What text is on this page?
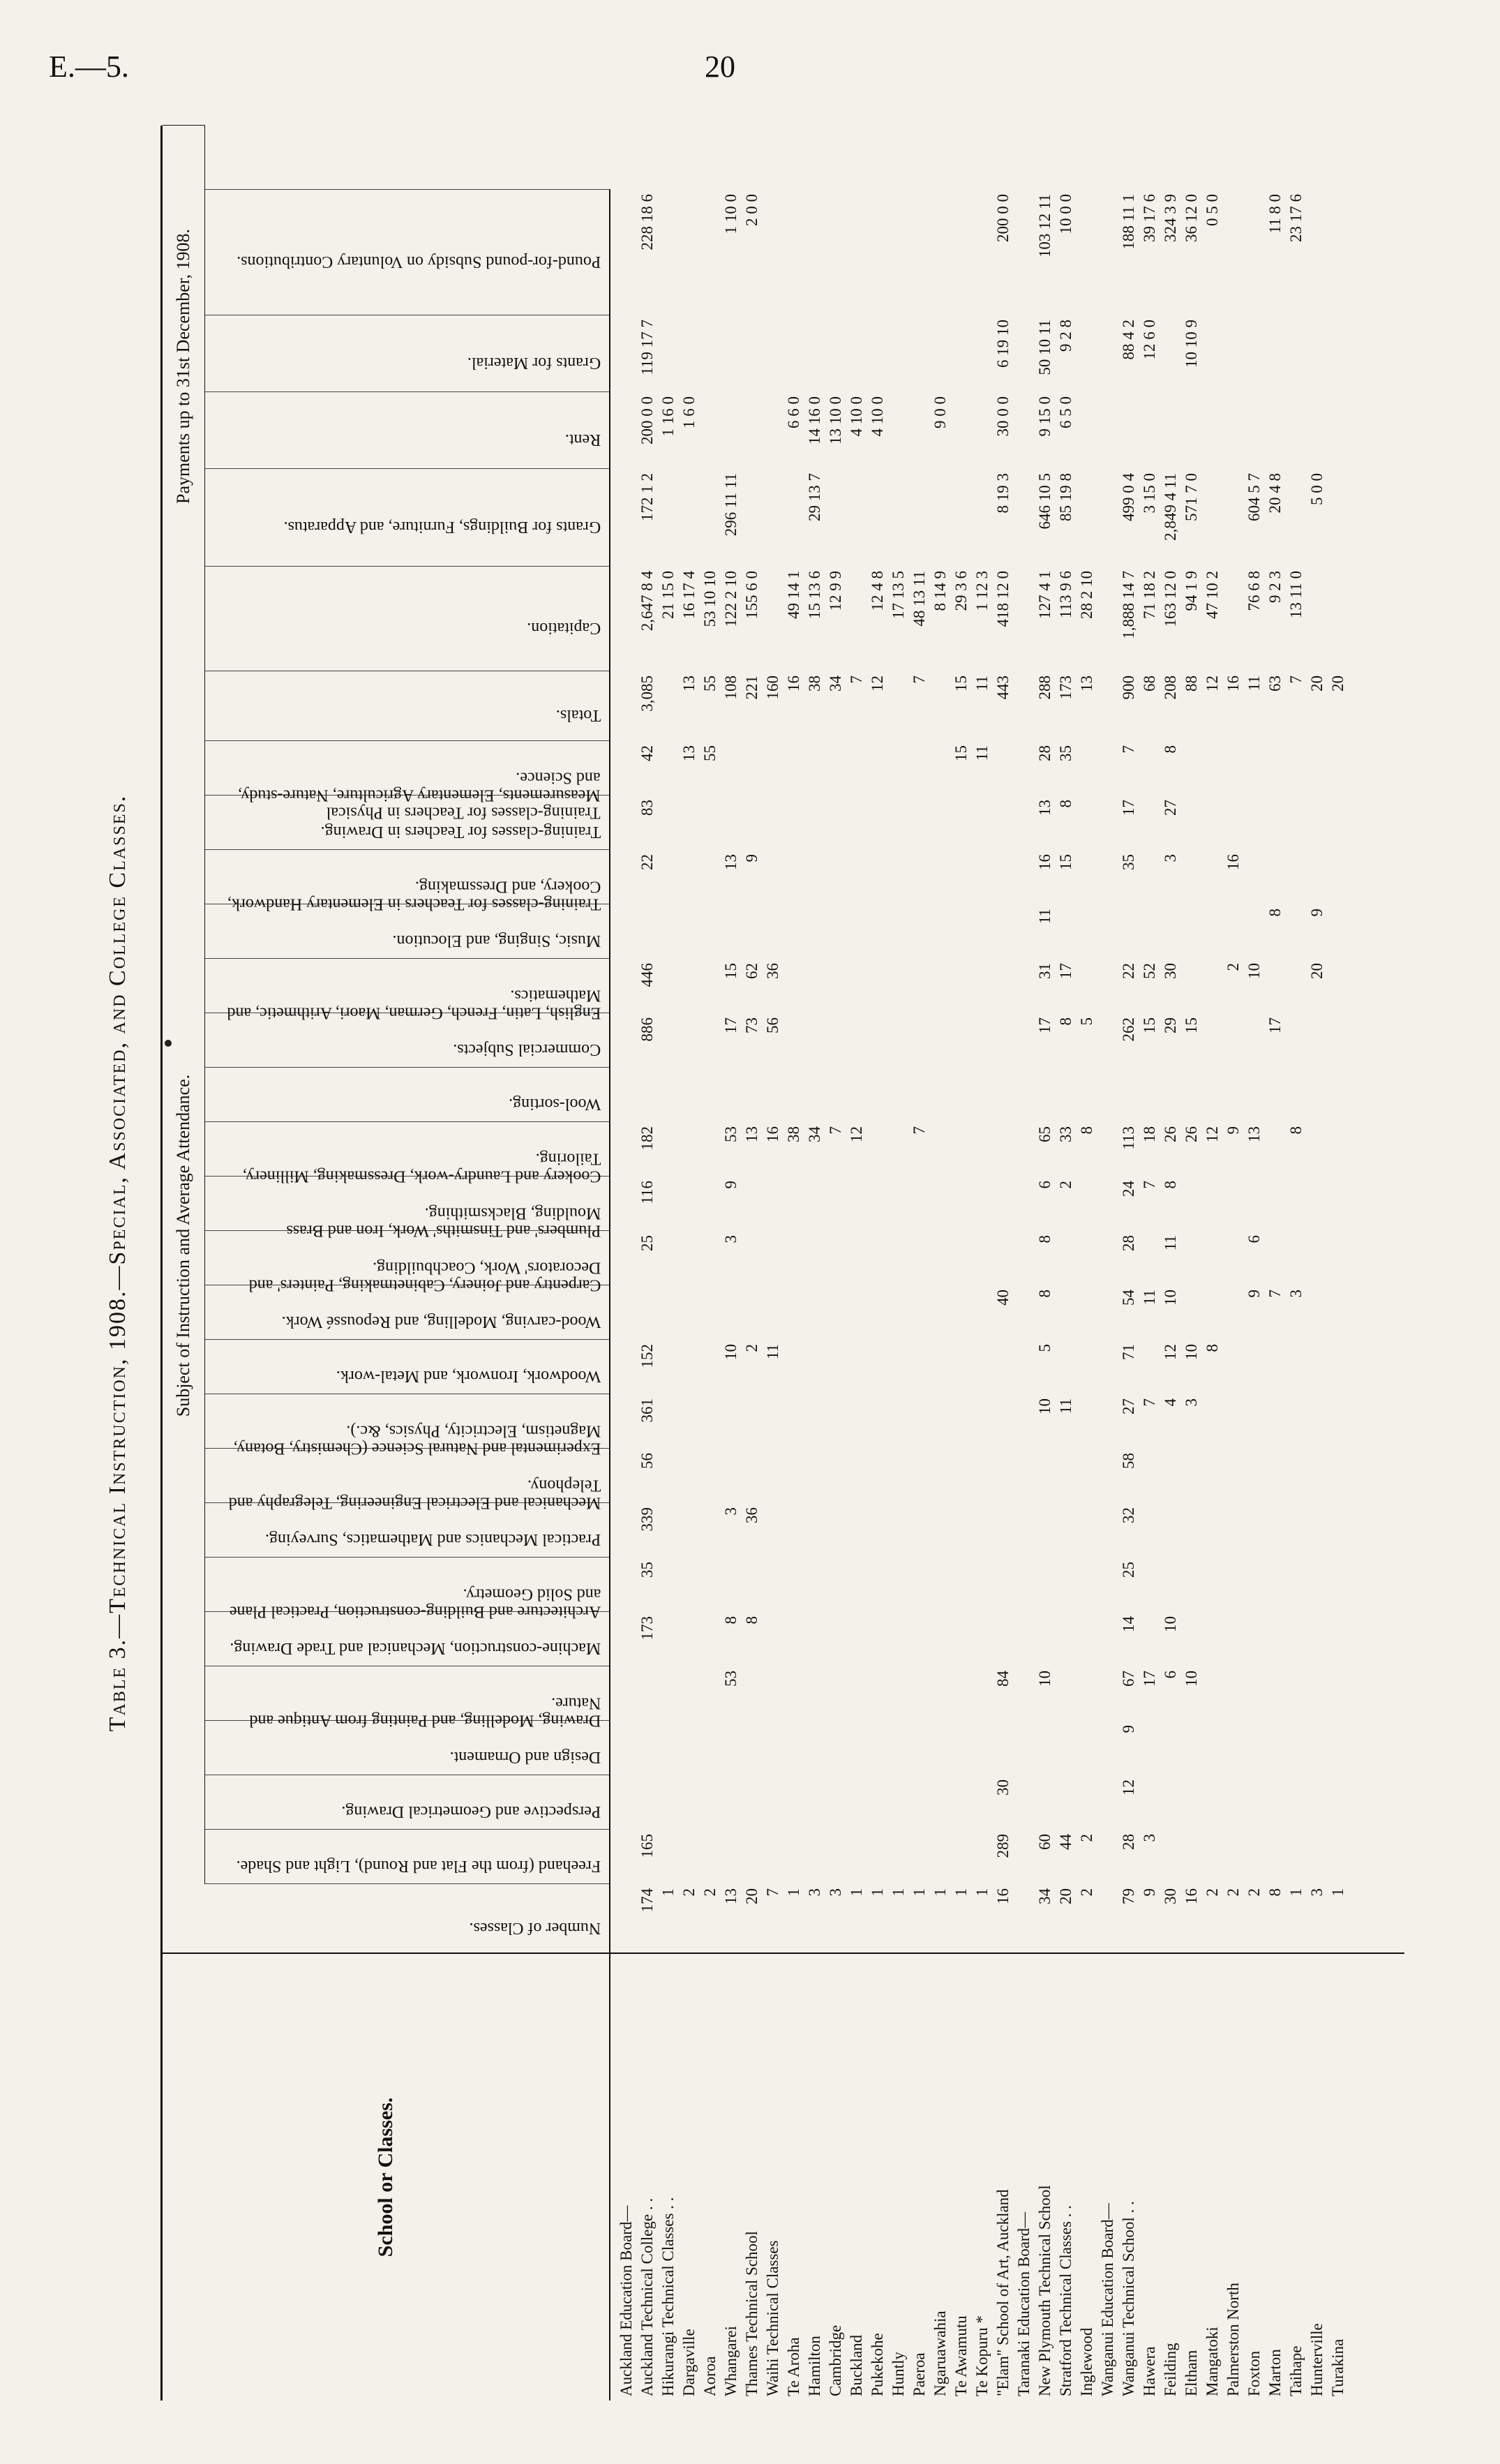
E.—5.	20
Table 3.—Technical Instruction, 1908.—Special, Associated, and College Classes.
School or Classes.
Subject of Instruction and Average Attendance.
Payments up to 31st December, 1908.
Number of Classes.
Freehand (from the Flat and Round), Light and Shade.
Perspective and Geometrical Drawing.
Design and Ornament.
Drawing, Modelling, and Painting from Antique and Nature.
Machine-construction, Mechanical and Trade Drawing.
Architecture and Building-construction, Practical Plane and Solid Geometry.
Practical Mechanics and Mathematics, Surveying.
Mechanical and Electrical Engineering, Telegraphy and Telephony.
Experimental and Natural Science (Chemistry, Botany, Magnetism, Electricity, Physics, &c.).
Woodwork, Ironwork, and Metal-work.
Wood-carving, Modelling, and Repoussé Work.
Carpentry and Joinery, Cabinetmaking, Painters' and Decorators' Work, Coachbuilding.
Plumbers' and Tinsmiths' Work, Iron and Brass Moulding, Blacksmithing.
Cookery and Laundry-work, Dressmaking, Millinery, Tailoring.
Wool-sorting.
Commercial Subjects.
English, Latin, French, German, Maori, Arithmetic, and Mathematics.
Music, Singing, and Elocution.
Training-classes for Teachers in Elementary Handwork, Cookery, and Dressmaking.
Training-classes for Teachers in Drawing.
Training-classes for Teachers in Physical Measurements, Elementary Agriculture, Nature-study, and Science.
Totals.
Capitation.
Grants for Buildings, Furniture, and Apparatus.
Rent.
Grants for Material.
Pound-for-pound Subsidy on Voluntary Contributions.
Auckland Education Board— Auckland Technical College . .
174
165
173
35
339
56
361
152
25
116
182
886
446
22
83
42
3,085
2,647 8 4
172 1 2
200 0 0
119 17 7
228 18 6
Hikurangi Technical Classes . .
1
21 15 0
1 16 0
Dargaville
2
13
13
16 17 4
1 6 0
Aoroa
2
55
55
53 10 10
Whangarei
13
53
8
3
10
3
9
53
17
15
13
108
122 2 10
296 11 11
1 10 0
Thames Technical School
20
8
36
2
13
73
62
9
221
155 6 0
2 0 0
Waihi Technical Classes
7
11
16
56
36
160
Te Aroha
1
38
16
49 14 1
6 6 0
Hamilton
3
34
38
15 13 6
29 13 7
14 16 0
Cambridge
3
7
34
12 9 9
13 10 0
Buckland
1
12
7
4 10 0
Pukekohe
1
12
12 4 8
4 10 0
Huntly
1
17 13 5
Paeroa
1
7
7
48 13 11
Ngaruawahia
1
8 14 9
9 0 0
Te Awamutu
1
15
15
29 3 6
Te Kopuru *
1
11
11
1 12 3
"Elam" School of Art, Auckland
16
289
30
84
40
443
418 12 0
8 19 3
30 0 0
6 19 10
200 0 0
Taranaki Education Board— New Plymouth Technical School
34
60
10
10
5
8
8
6
65
17
31
11
16
13
28
288
127 4 1
646 10 5
9 15 0
50 10 11
103 12 11
Stratford Technical Classes . .
20
44
11
2
33
8
17
15
8
35
173
113 9 6
85 19 8
6 5 0
9 2 8
10 0 0
Inglewood
2
2
8
5
13
28 2 10
Wanganui Education Board— Wanganui Technical School . .
79
28
12
9
67
14
25
32
58
27
71
54
28
24
113
262
22
35
17
7
900
1,888 14 7
499 0 4
88 4 2
188 11 1
Hawera
9
3
17
7
11
7
18
15
52
68
71 18 2
3 15 0
12 6 0
39 17 6
Feilding
30
6
10
4
12
10
11
8
26
29
30
3
27
8
208
163 12 0
2,849 4 11
324 3 9
Eltham
16
10
3
10
26
15
88
94 1 9
571 7 0
10 10 9
36 12 0
Mangatoki
2
8
12
12
47 10 2
0 5 0
Palmerston North
2
9
2
16
16
Foxton
2
9
6
13
10
11
76 6 8
604 5 7
Marton
8
7
17
8
63
9 2 3
20 4 8
11 8 0
Taihape
1
3
8
7
13 11 0
23 17 6
Hunterville
3
20
9
20
5 0 0
Turakina
1
20
